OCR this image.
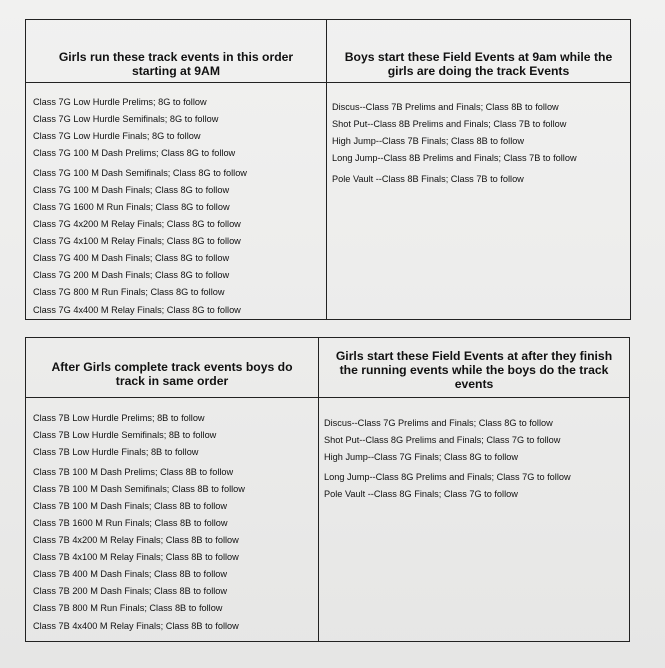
Girls run these track events in this order starting at 9AM
Class 7G Low Hurdle Prelims; 8G to follow
Class 7G Low Hurdle Semifinals; 8G to follow
Class 7G Low Hurdle Finals; 8G to follow
Class 7G 100 M Dash Prelims; Class 8G to follow
Class 7G 100 M Dash Semifinals; Class 8G to follow
Class 7G 100 M Dash Finals; Class 8G to follow
Class 7G 1600 M Run Finals; Class 8G to follow
Class 7G 4x200 M Relay Finals; Class 8G to follow
Class 7G 4x100 M Relay Finals; Class 8G to follow
Class 7G 400 M Dash Finals; Class 8G to follow
Class 7G 200 M Dash Finals; Class 8G to follow
Class 7G 800 M Run Finals; Class 8G to follow
Class 7G 4x400 M Relay Finals; Class 8G to follow
Boys start these Field Events at 9am while the girls are doing the track Events
Discus--Class 7B Prelims and Finals; Class 8B to follow
Shot Put--Class 8B Prelims and Finals; Class 7B to follow
High Jump--Class 7B Finals; Class 8B to follow
Long Jump--Class 8B Prelims and Finals; Class 7B to follow
Pole Vault --Class 8B Finals; Class 7B to follow
After Girls complete track events boys do track in same order
Class 7B Low Hurdle Prelims; 8B to follow
Class 7B Low Hurdle Semifinals; 8B to follow
Class 7B Low Hurdle Finals; 8B to follow
Class 7B 100 M Dash Prelims; Class 8B to follow
Class 7B 100 M Dash Semifinals; Class 8B to follow
Class 7B 100 M Dash Finals; Class 8B to follow
Class 7B 1600 M Run Finals; Class 8B to follow
Class 7B 4x200 M Relay Finals; Class 8B to follow
Class 7B 4x100 M Relay Finals; Class 8B to follow
Class 7B 400 M Dash Finals; Class 8B to follow
Class 7B 200 M Dash Finals; Class 8B to follow
Class 7B 800 M Run Finals; Class 8B to follow
Class 7B 4x400 M Relay Finals; Class 8B to follow
Girls start these Field Events at after they finish the running events while the boys do the track events
Discus--Class 7G Prelims and Finals; Class 8G to follow
Shot Put--Class 8G Prelims and Finals; Class 7G to follow
High Jump--Class 7G Finals; Class 8G to follow
Long Jump--Class 8G Prelims and Finals; Class 7G to follow
Pole Vault --Class 8G Finals; Class 7G to follow
